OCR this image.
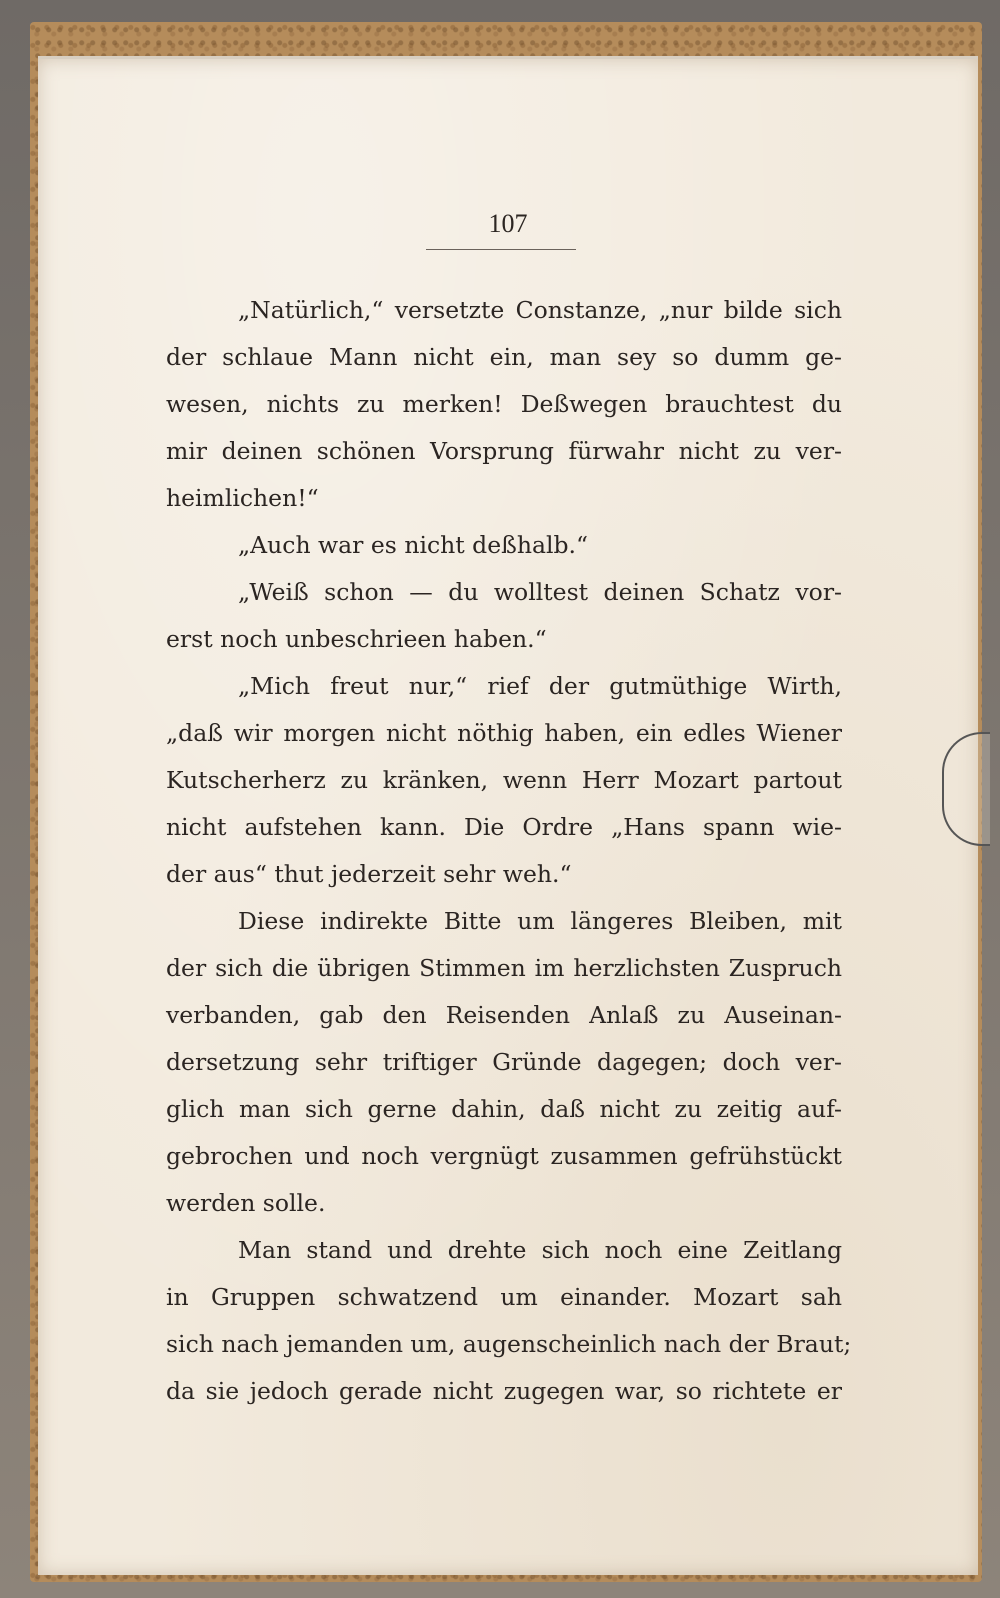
107
„Natürlich,“ versetzte Constanze, „nur bilde sich
der schlaue Mann nicht ein, man sey so dumm ge-
wesen, nichts zu merken! Deßwegen brauchtest du
mir deinen schönen Vorsprung fürwahr nicht zu ver-
heimlichen!“
„Auch war es nicht deßhalb.“
„Weiß schon — du wolltest deinen Schatz vor-
erst noch unbeschrieen haben.“
„Mich freut nur,“ rief der gutmüthige Wirth,
„daß wir morgen nicht nöthig haben, ein edles Wiener
Kutscherherz zu kränken, wenn Herr Mozart partout
nicht aufstehen kann. Die Ordre „Hans spann wie-
der aus“ thut jederzeit sehr weh.“
Diese indirekte Bitte um längeres Bleiben, mit
der sich die übrigen Stimmen im herzlichsten Zuspruch
verbanden, gab den Reisenden Anlaß zu Auseinan-
dersetzung sehr triftiger Gründe dagegen; doch ver-
glich man sich gerne dahin, daß nicht zu zeitig auf-
gebrochen und noch vergnügt zusammen gefrühstückt
werden solle.
Man stand und drehte sich noch eine Zeitlang
in Gruppen schwatzend um einander. Mozart sah
sich nach jemanden um, augenscheinlich nach der Braut;
da sie jedoch gerade nicht zugegen war, so richtete er
